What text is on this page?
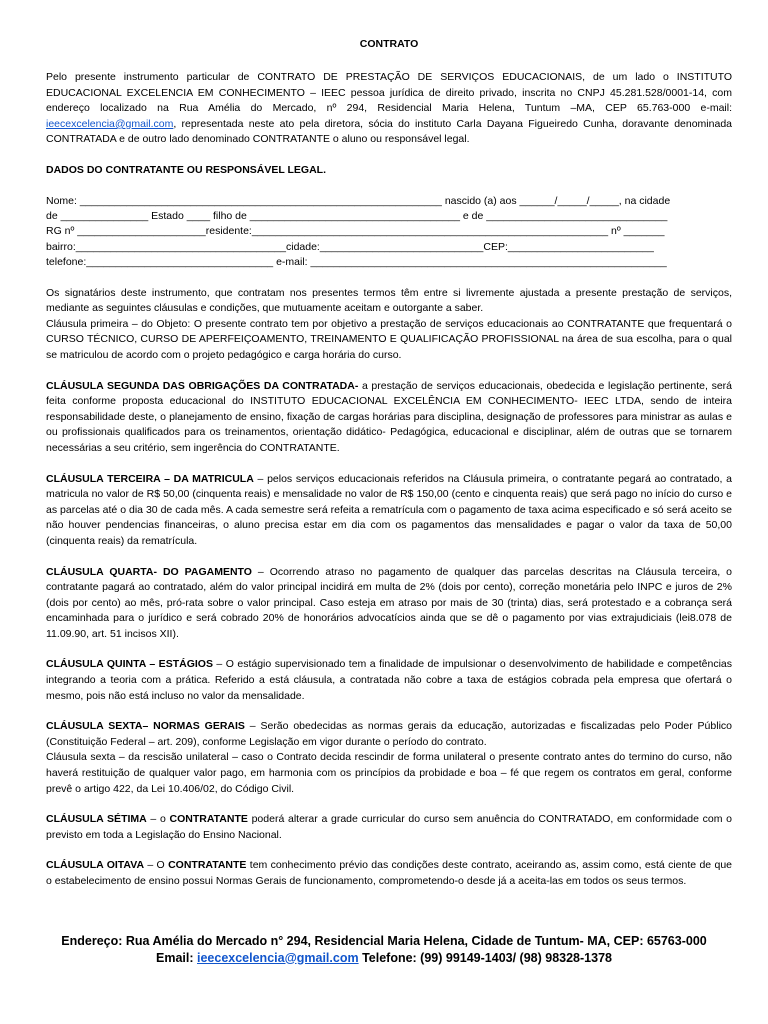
CONTRATO

Pelo presente instrumento particular de CONTRATO DE PRESTAÇÃO DE SERVIÇOS EDUCACIONAIS, de um lado o INSTITUTO EDUCACIONAL EXCELENCIA EM CONHECIMENTO – IEEC pessoa jurídica de direito privado, inscrita no CNPJ 45.281.528/0001-14, com endereço localizado na Rua Amélia do Mercado, nº 294, Residencial Maria Helena, Tuntum –MA, CEP 65.763-000 e-mail: ieecexcelencia@gmail.com, representada neste ato pela diretora, sócia do instituto Carla Dayana Figueiredo Cunha, doravante denominada CONTRATADA e de outro lado denominado CONTRATANTE o aluno ou responsável legal.

DADOS DO CONTRATANTE OU RESPONSÁVEL LEGAL.

Nome: ______________________________________________________________ nascido (a) aos ______/_____/_____, na cidade
de _______________ Estado ____ filho de ____________________________________ e de _______________________________
RG nº ______________________residente:_____________________________________________________________ nº _______
bairro:____________________________________cidade:____________________________CEP:_________________________
telefone:________________________________ e-mail: _____________________________________________________________

Os signatários deste instrumento, que contratam nos presentes termos têm entre si livremente ajustada a presente prestação de serviços, mediante as seguintes cláusulas e condições, que mutuamente aceitam e outorgante a saber.

Cláusula primeira – do Objeto: O presente contrato tem por objetivo a prestação de serviços educacionais ao CONTRATANTE que frequentará o CURSO TÉCNICO, CURSO DE APERFEIÇOAMENTO, TREINAMENTO E QUALIFICAÇÃO PROFISSIONAL na área de sua escolha, para o qual se matriculou de acordo com o projeto pedagógico e carga horária do curso.

CLÁUSULA SEGUNDA DAS OBRIGAÇÕES DA CONTRATADA- a prestação de serviços educacionais, obedecida e legislação pertinente, será feita conforme proposta educacional do INSTITUTO EDUCACIONAL EXCELÊNCIA EM CONHECIMENTO- IEEC LTDA, sendo de inteira responsabilidade deste, o planejamento de ensino, fixação de cargas horárias para disciplina, designação de professores para ministrar as aulas e ou profissionais qualificados para os treinamentos, orientação didático- Pedagógica, educacional e disciplinar, além de outras que se tornarem necessárias a seu critério, sem ingerência do CONTRATANTE.

CLÁUSULA TERCEIRA – DA MATRICULA – pelos serviços educacionais referidos na Cláusula primeira, o contratante pegará ao contratado, a matricula no valor de R$ 50,00 (cinquenta reais) e mensalidade no valor de R$ 150,00 (cento e cinquenta reais) que será pago no início do curso e as parcelas até o dia 30 de cada mês. A cada semestre será refeita a rematrícula com o pagamento de taxa acima especificado e só será aceito se não houver pendencias financeiras, o aluno precisa estar em dia com os pagamentos das mensalidades e pagar o valor da taxa de 50,00 (cinquenta reais) da rematrícula.

CLÁUSULA QUARTA- DO PAGAMENTO – Ocorrendo atraso no pagamento de qualquer das parcelas descritas na Cláusula terceira, o contratante pagará ao contratado, além do valor principal incidirá em multa de 2% (dois por cento), correção monetária pelo INPC e juros de 2% (dois por cento) ao mês, pró-rata sobre o valor principal. Caso esteja em atraso por mais de 30 (trinta) dias, será protestado e a cobrança será encaminhada para o jurídico e será cobrado 20% de honorários advocatícios ainda que se dê o pagamento por vias extrajudiciais (lei8.078 de 11.09.90, art. 51 incisos XII).

CLÁUSULA QUINTA – ESTÁGIOS – O estágio supervisionado tem a finalidade de impulsionar o desenvolvimento de habilidade e competências integrando a teoria com a prática. Referido a está cláusula, a contratada não cobre a taxa de estágios cobrada pela empresa que ofertará o mesmo, pois não está incluso no valor da mensalidade.

CLÁUSULA SEXTA– NORMAS GERAIS – Serão obedecidas as normas gerais da educação, autorizadas e fiscalizadas pelo Poder Público (Constituição Federal – art. 209), conforme Legislação em vigor durante o período do contrato.

Cláusula sexta – da rescisão unilateral – caso o Contrato decida rescindir de forma unilateral o presente contrato antes do termino do curso, não haverá restituição de qualquer valor pago, em harmonia com os princípios da probidade e boa – fé que regem os contratos em geral, conforme prevê o artigo 422, da Lei 10.406/02, do Código Civil.

CLÁUSULA SÉTIMA – o CONTRATANTE poderá alterar a grade curricular do curso sem anuência do CONTRATADO, em conformidade com o previsto em toda a Legislação do Ensino Nacional.

CLÁUSULA OITAVA – O CONTRATANTE tem conhecimento prévio das condições deste contrato, aceirando as, assim como, está ciente de que o estabelecimento de ensino possui Normas Gerais de funcionamento, comprometendo-o desde já a aceita-las em todos os seus termos.

Endereço: Rua Amélia do Mercado n° 294, Residencial Maria Helena, Cidade de Tuntum- MA, CEP: 65763-000
Email: ieecexcelencia@gmail.com Telefone: (99) 99149-1403/ (98) 98328-1378
